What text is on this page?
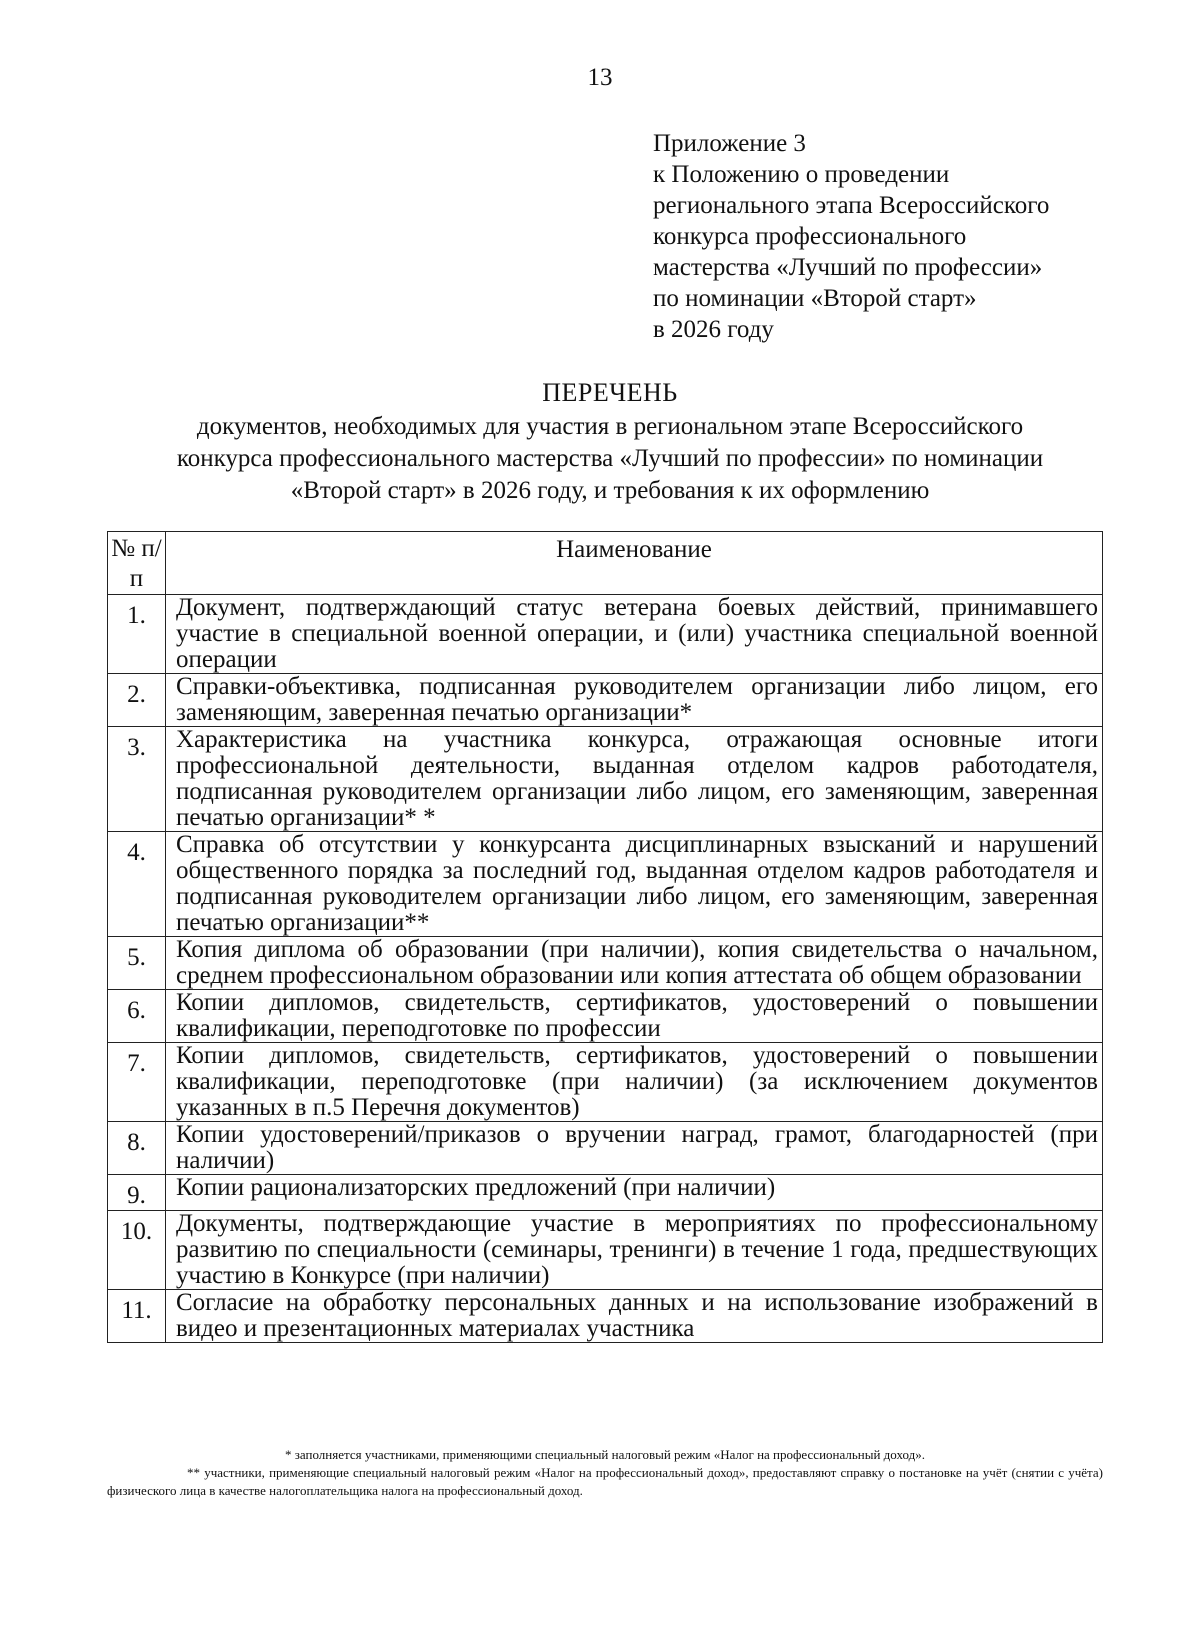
13
Приложение 3
к Положению о проведении
регионального этапа Всероссийского
конкурса профессионального
мастерства «Лучший по профессии»
по номинации «Второй старт»
в 2026 году
ПЕРЕЧЕНЬ
документов, необходимых для участия в региональном этапе Всероссийского
конкурса профессионального мастерства «Лучший по профессии» по номинации
«Второй старт» в 2026 году, и требования к их оформлению
№ п/п	Наименование
1.	Документ, подтверждающий статус ветерана боевых действий, принимавшего участие в специальной военной операции, и (или) участника специальной военной операции
2.	Справки-объективка, подписанная руководителем организации либо лицом, его заменяющим, заверенная печатью организации*
3.	Характеристика на участника конкурса, отражающая основные итоги профессиональной деятельности, выданная отделом кадров работодателя, подписанная руководителем организации либо лицом, его заменяющим, заверенная печатью организации* *
4.	Справка об отсутствии у конкурсанта дисциплинарных взысканий и нарушений общественного порядка за последний год, выданная отделом кадров работодателя и подписанная руководителем организации либо лицом, его заменяющим, заверенная печатью организации**
5.	Копия диплома об образовании (при наличии), копия свидетельства о начальном, среднем профессиональном образовании или копия аттестата об общем образовании
6.	Копии дипломов, свидетельств, сертификатов, удостоверений о повышении квалификации, переподготовке по профессии
7.	Копии дипломов, свидетельств, сертификатов, удостоверений о повышении квалификации, переподготовке (при наличии) (за исключением документов указанных в п.5 Перечня документов)
8.	Копии удостоверений/приказов о вручении наград, грамот, благодарностей (при наличии)
9.	Копии рационализаторских предложений (при наличии)
10.	Документы, подтверждающие участие в мероприятиях по профессиональному развитию по специальности (семинары, тренинги) в течение 1 года, предшествующих участию в Конкурсе (при наличии)
11.	Согласие на обработку персональных данных и на использование изображений в видео и презентационных материалах участника
* заполняется участниками, применяющими специальный налоговый режим «Налог на профессиональный доход».
** участники, применяющие специальный налоговый режим «Налог на профессиональный доход», предоставляют справку о постановке на учёт (снятии с учёта) физического лица в качестве налогоплательщика налога на профессиональный доход.
